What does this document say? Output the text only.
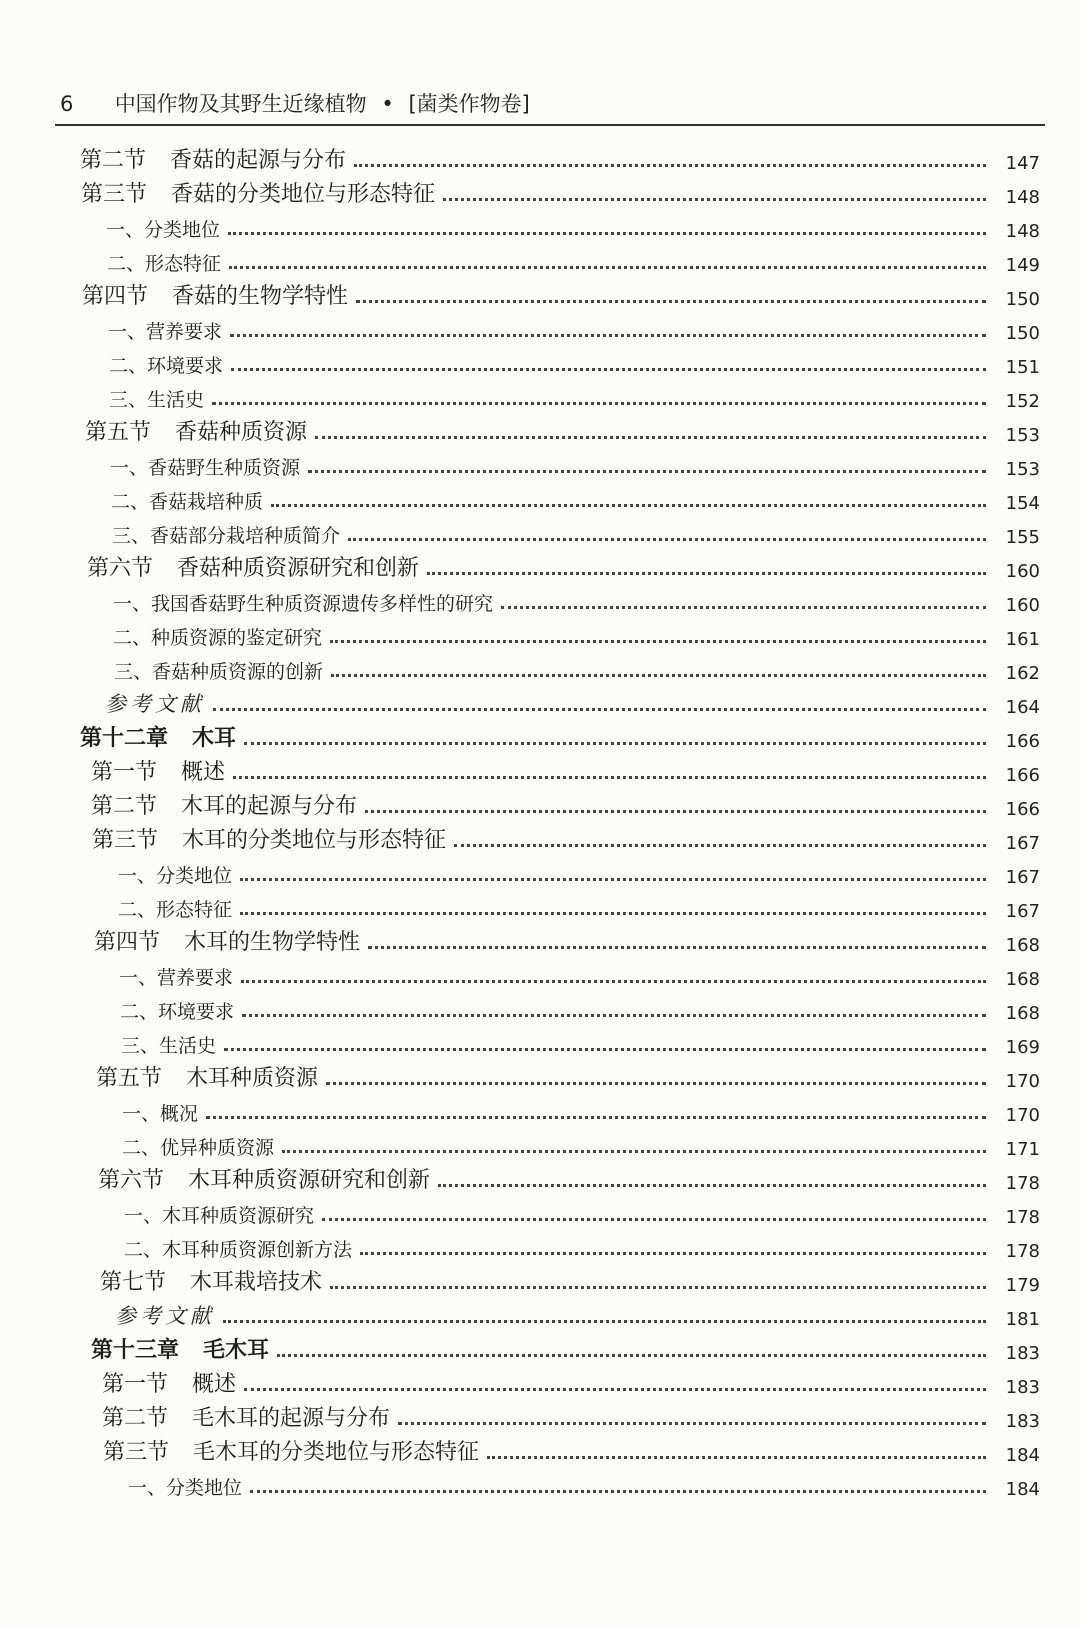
6 中国作物及其野生近缘植物 • [菌类作物卷]
第二节 香菇的起源与分布	147
第三节 香菇的分类地位与形态特征	148
一、分类地位	148
二、形态特征	149
第四节 香菇的生物学特性	150
一、营养要求	150
二、环境要求	151
三、生活史	152
第五节 香菇种质资源	153
一、香菇野生种质资源	153
二、香菇栽培种质	154
三、香菇部分栽培种质简介	155
第六节 香菇种质资源研究和创新	160
一、我国香菇野生种质资源遗传多样性的研究	160
二、种质资源的鉴定研究	161
三、香菇种质资源的创新	162
参考文献	164
第十二章 木耳	166
第一节 概述	166
第二节 木耳的起源与分布	166
第三节 木耳的分类地位与形态特征	167
一、分类地位	167
二、形态特征	167
第四节 木耳的生物学特性	168
一、营养要求	168
二、环境要求	168
三、生活史	169
第五节 木耳种质资源	170
一、概况	170
二、优异种质资源	171
第六节 木耳种质资源研究和创新	178
一、木耳种质资源研究	178
二、木耳种质资源创新方法	178
第七节 木耳栽培技术	179
参考文献	181
第十三章 毛木耳	183
第一节 概述	183
第二节 毛木耳的起源与分布	183
第三节 毛木耳的分类地位与形态特征	184
一、分类地位	184
